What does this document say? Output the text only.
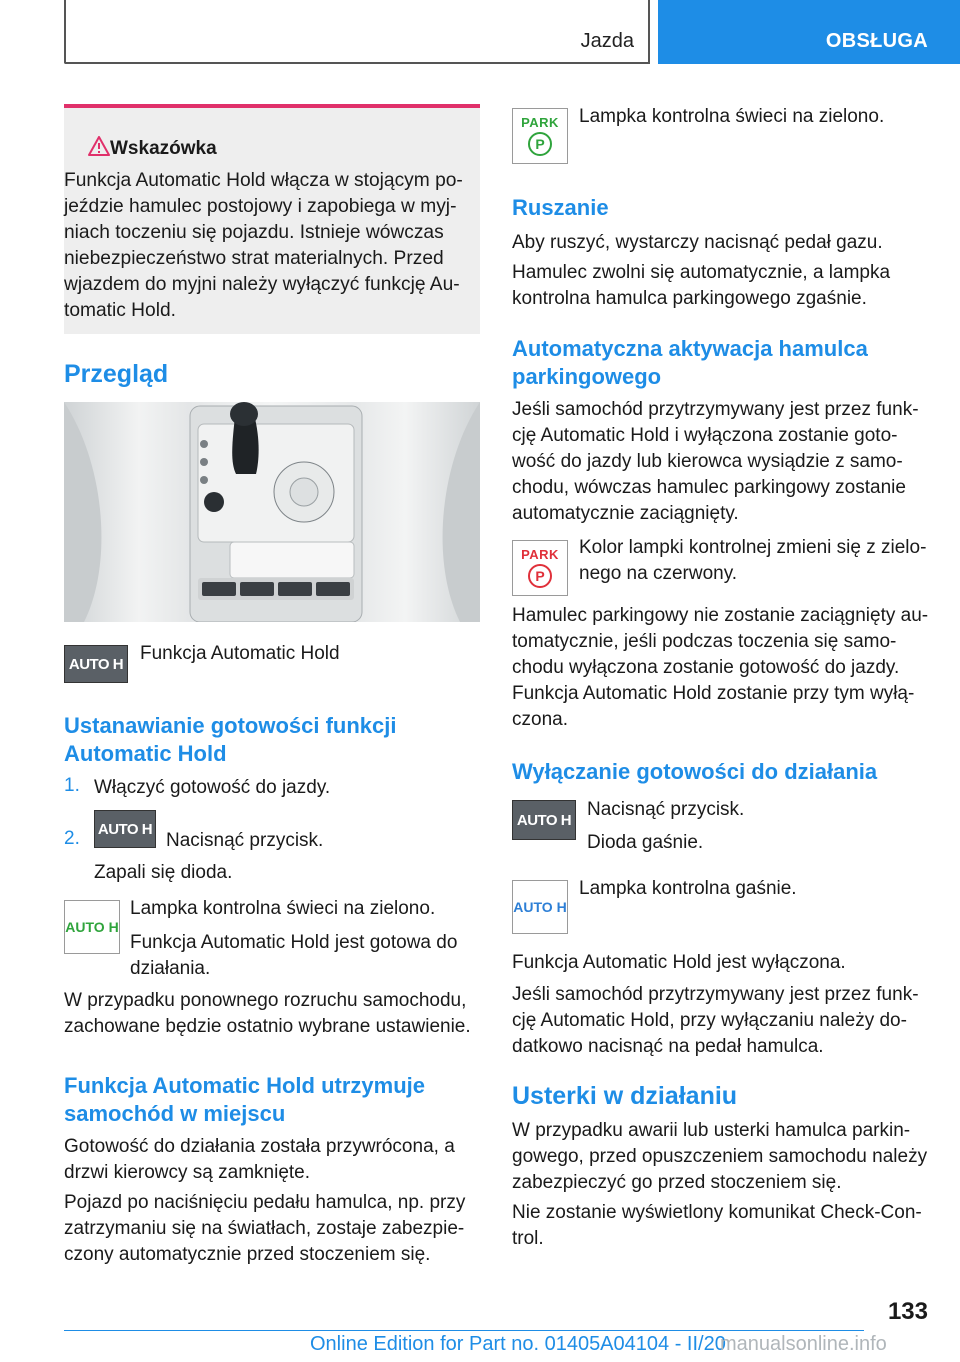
Jazda	OBSŁUGA
Wskazówka
Funkcja Automatic Hold włącza w stojącym po-
jeździe hamulec postojowy i zapobiega w myj-
niach toczeniu się pojazdu. Istnieje wówczas
niebezpieczeństwo strat materialnych. Przed
wjazdem do myjni należy wyłączyć funkcję Au-
tomatic Hold.
Przegląd
AUTO H Funkcja Automatic Hold
Ustanawianie gotowości funkcji
Automatic Hold
1. Włączyć gotowość do jazdy.
2. AUTO H
Nacisnąć przycisk.
Zapali się dioda.
AUTO H
Lampka kontrolna świeci na zielono.
Funkcja Automatic Hold jest gotowa do
działania.
W przypadku ponownego rozruchu samochodu,
zachowane będzie ostatnio wybrane ustawienie.
Funkcja Automatic Hold utrzymuje
samochód w miejscu
Gotowość do działania została przywrócona, a
drzwi kierowcy są zamknięte.
Pojazd po naciśnięciu pedału hamulca, np. przy
zatrzymaniu się na światłach, zostaje zabezpie-
czony automatycznie przed stoczeniem się.
PARK
P
Lampka kontrolna świeci na zielono.
Ruszanie
Aby ruszyć, wystarczy nacisnąć pedał gazu.
Hamulec zwolni się automatycznie, a lampka
kontrolna hamulca parkingowego zgaśnie.
Automatyczna aktywacja hamulca
parkingowego
Jeśli samochód przytrzymywany jest przez funk-
cję Automatic Hold i wyłączona zostanie goto-
wość do jazdy lub kierowca wysiądzie z samo-
chodu, wówczas hamulec parkingowy zostanie
automatycznie zaciągnięty.
PARK
P
Kolor lampki kontrolnej zmieni się z zielo-
nego na czerwony.
Hamulec parkingowy nie zostanie zaciągnięty au-
tomatycznie, jeśli podczas toczenia się samo-
chodu wyłączona zostanie gotowość do jazdy.
Funkcja Automatic Hold zostanie przy tym wyłą-
czona.
Wyłączanie gotowości do działania
AUTO H Nacisnąć przycisk.
Dioda gaśnie.
AUTO H
Lampka kontrolna gaśnie.
Funkcja Automatic Hold jest wyłączona.
Jeśli samochód przytrzymywany jest przez funk-
cję Automatic Hold, przy wyłączaniu należy do-
datkowo nacisnąć na pedał hamulca.
Usterki w działaniu
W przypadku awarii lub usterki hamulca parkin-
gowego, przed opuszczeniem samochodu należy
zabezpieczyć go przed stoczeniem się.
Nie zostanie wyświetlony komunikat Check-Con-
trol.
133
Online Edition for Part no. 01405A04104 - II/20
manualsonline.info
